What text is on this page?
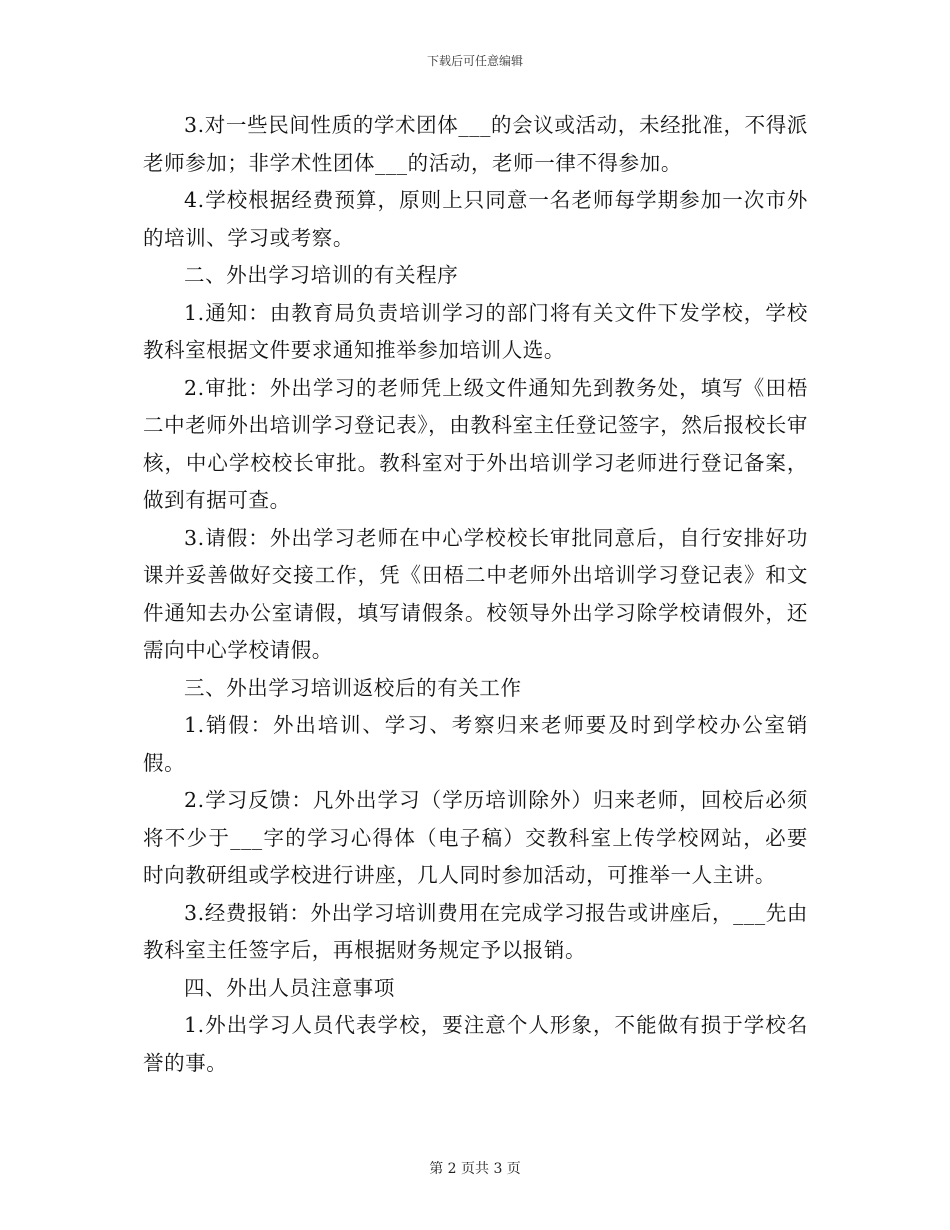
下载后可任意编辑

3.对一些民间性质的学术团体___的会议或活动，未经批准，不得派老师参加；非学术性团体___的活动，老师一律不得参加。

4.学校根据经费预算，原则上只同意一名老师每学期参加一次市外的培训、学习或考察。

二、外出学习培训的有关程序

1.通知：由教育局负责培训学习的部门将有关文件下发学校，学校教科室根据文件要求通知推举参加培训人选。

2.审批：外出学习的老师凭上级文件通知先到教务处，填写《田梧二中老师外出培训学习登记表》，由教科室主任登记签字，然后报校长审核，中心学校校长审批。教科室对于外出培训学习老师进行登记备案，做到有据可查。

3.请假：外出学习老师在中心学校校长审批同意后，自行安排好功课并妥善做好交接工作，凭《田梧二中老师外出培训学习登记表》和文件通知去办公室请假，填写请假条。校领导外出学习除学校请假外，还需向中心学校请假。

三、外出学习培训返校后的有关工作

1.销假：外出培训、学习、考察归来老师要及时到学校办公室销假。

2.学习反馈：凡外出学习（学历培训除外）归来老师，回校后必须将不少于___字的学习心得体（电子稿）交教科室上传学校网站，必要时向教研组或学校进行讲座，几人同时参加活动，可推举一人主讲。

3.经费报销：外出学习培训费用在完成学习报告或讲座后，___先由教科室主任签字后，再根据财务规定予以报销。

四、外出人员注意事项

1.外出学习人员代表学校，要注意个人形象，不能做有损于学校名誉的事。

第 2 页共 3 页
